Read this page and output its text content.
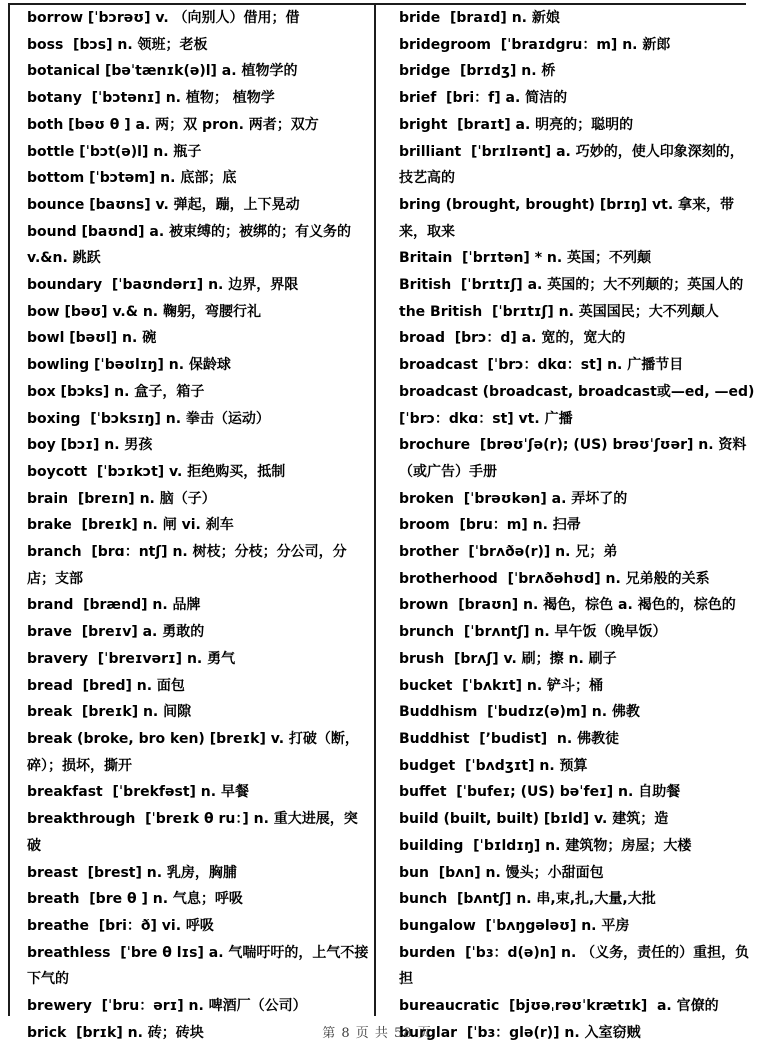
borrow [ˈbɔrəʊ] v. （向别人）借用；借

boss  [bɔs] n. 领班；老板

botanical [bəˈtænɪk(ə)l] a. 植物学的

botany  [ˈbɔtənɪ] n. 植物； 植物学

both [bəʊ θ ] a. 两；双 pron. 两者；双方

bottle [ˈbɔt(ə)l] n. 瓶子

bottom [ˈbɔtəm] n. 底部；底

bounce [baʊns] v. 弹起，蹦，上下晃动

bound [baʊnd] a. 被束缚的；被绑的；有义务的  v.&n. 跳跃

boundary  [ˈbaʊndərɪ] n. 边界，界限

bow [bəʊ] v.& n. 鞠躬，弯腰行礼

bowl [bəʊl] n. 碗

bowling [ˈbəʊlɪŋ] n. 保龄球

box [bɔks] n. 盒子，箱子

boxing  [ˈbɔksɪŋ] n. 拳击（运动）

boy [bɔɪ] n. 男孩

boycott  [ˈbɔɪkɔt] v. 拒绝购买，抵制

brain  [breɪn] n. 脑（子）

brake  [breɪk] n. 闸 vi. 刹车

branch  [brɑ：ntʃ] n. 树枝；分枝；分公司，分店；支部

brand  [brænd] n. 品牌

brave  [breɪv] a. 勇敢的

bravery  [ˈbreɪvərɪ] n. 勇气

bread  [bred] n. 面包

break  [breɪk] n. 间隙

break (broke, bro ken) [breɪk] v. 打破（断，碎）；损坏，撕开

breakfast  [ˈbrekfəst] n. 早餐

breakthrough  [ˈbreɪk θ ru：] n. 重大进展，突破

breast  [brest] n. 乳房，胸脯

breath  [bre θ ] n. 气息；呼吸

breathe  [bri：ð] vi. 呼吸

breathless  [ˈbre θ lɪs] a. 气喘吁吁的，上气不接下气的

brewery  [ˈbru：ərɪ] n. 啤酒厂（公司）

brick  [brɪk] n. 砖；砖块

bride  [braɪd] n. 新娘

bridegroom  [ˈbraɪdgru：m] n. 新郎

bridge  [brɪdʒ] n. 桥

brief  [bri：f] a. 简洁的

bright  [braɪt] a. 明亮的；聪明的

brilliant  [ˈbrɪlɪənt] a. 巧妙的，使人印象深刻的，技艺高的

bring (brought, brought) [brɪŋ] vt. 拿来，带来，取来

Britain  [ˈbrɪtən] * n. 英国；不列颠

British  [ˈbrɪtɪʃ] a. 英国的；大不列颠的；英国人的

the British  [ˈbrɪtɪʃ] n. 英国国民；大不列颠人

broad  [brɔ：d] a. 宽的，宽大的

broadcast  [ˈbrɔ：dkɑ：st] n. 广播节目

broadcast (broadcast, broadcast或—ed, —ed) [ˈbrɔ：dkɑ：st] vt. 广播

brochure  [brəʊˈʃə(r); (US) brəʊˈʃʊər] n. 资料（或广告）手册

broken  [ˈbrəʊkən] a. 弄坏了的

broom  [bru：m] n. 扫帚

brother  [ˈbrʌðə(r)] n. 兄；弟

brotherhood  [ˈbrʌðəhʊd] n. 兄弟般的关系

brown  [braʊn] n. 褐色，棕色 a. 褐色的，棕色的

brunch  [ˈbrʌntʃ] n. 早午饭（晚早饭）

brush  [brʌʃ] v. 刷；擦 n. 刷子

bucket  [ˈbʌkɪt] n. 铲斗；桶

Buddhism  [ˈbudɪz(ə)m] n. 佛教

Buddhist  [’budist]  n. 佛教徒

budget  [ˈbʌdʒɪt] n. 预算

buffet  [ˈbufeɪ; (US) bəˈfeɪ] n. 自助餐

build (built, built) [bɪld] v. 建筑；造

building  [ˈbɪldɪŋ] n. 建筑物；房屋；大楼

bun  [bʌn] n. 馒头；小甜面包

bunch  [bʌntʃ] n. 串,束,扎,大量,大批

bungalow  [ˈbʌŋgələʊ] n. 平房

burden  [ˈbɜ：d(ə)n] n. （义务，责任的）重担，负担

bureaucratic  [bjʊəˌrəʊˈkrætɪk]  a. 官僚的

burglar  [ˈbɜ：glə(r)] n. 入室窃贼

第 8 页 共 58 页
